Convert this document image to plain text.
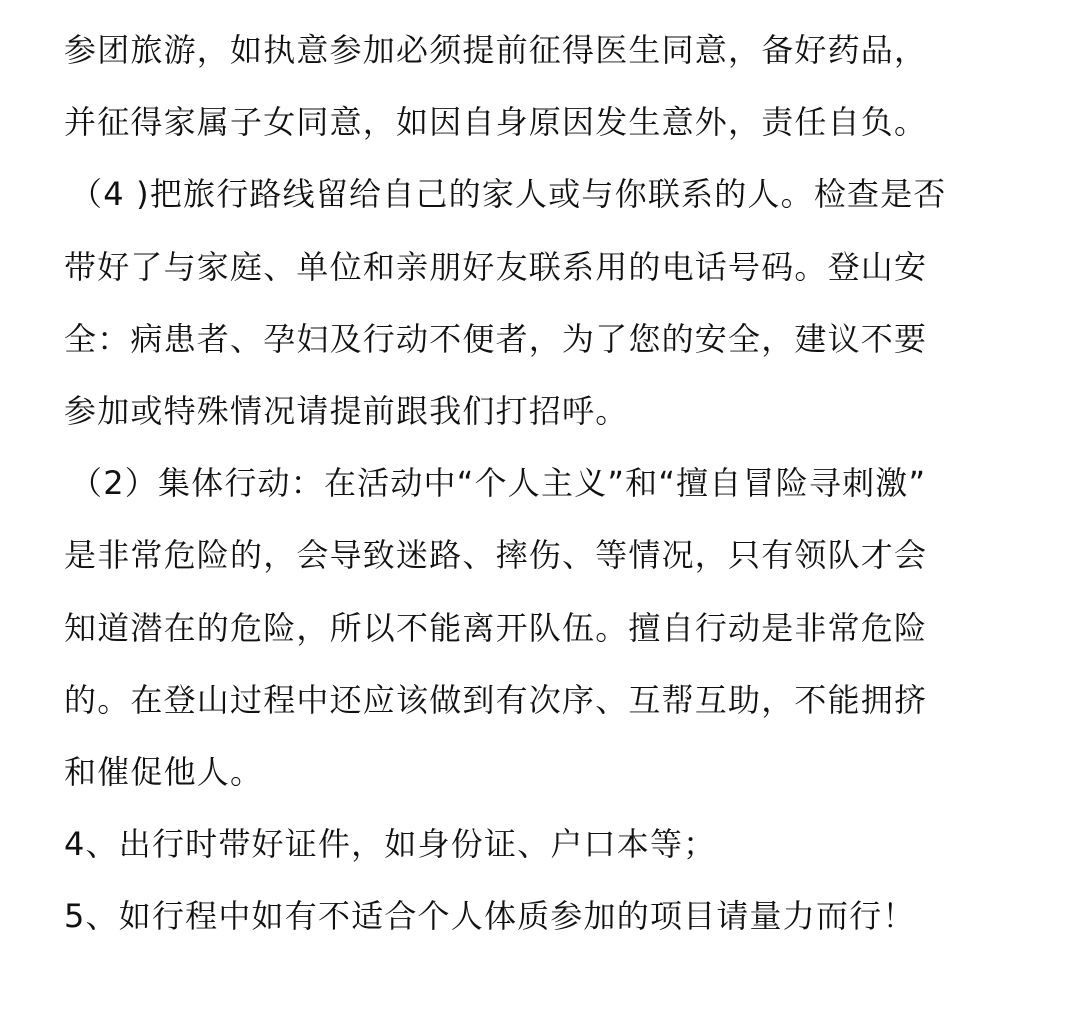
参团旅游，如执意参加必须提前征得医生同意，备好药品，
并征得家属子女同意，如因自身原因发生意外，责任自负。
（4 )把旅行路线留给自己的家人或与你联系的人。检查是否
带好了与家庭、单位和亲朋好友联系用的电话号码。登山安
全：病患者、孕妇及行动不便者，为了您的安全，建议不要
参加或特殊情况请提前跟我们打招呼。
（2）集体行动：在活动中“个人主义”和“擅自冒险寻刺激”
是非常危险的，会导致迷路、摔伤、等情况，只有领队才会
知道潜在的危险，所以不能离开队伍。擅自行动是非常危险
的。在登山过程中还应该做到有次序、互帮互助，不能拥挤
和催促他人。
4、出行时带好证件，如身份证、户口本等；
5、如行程中如有不适合个人体质参加的项目请量力而行！
